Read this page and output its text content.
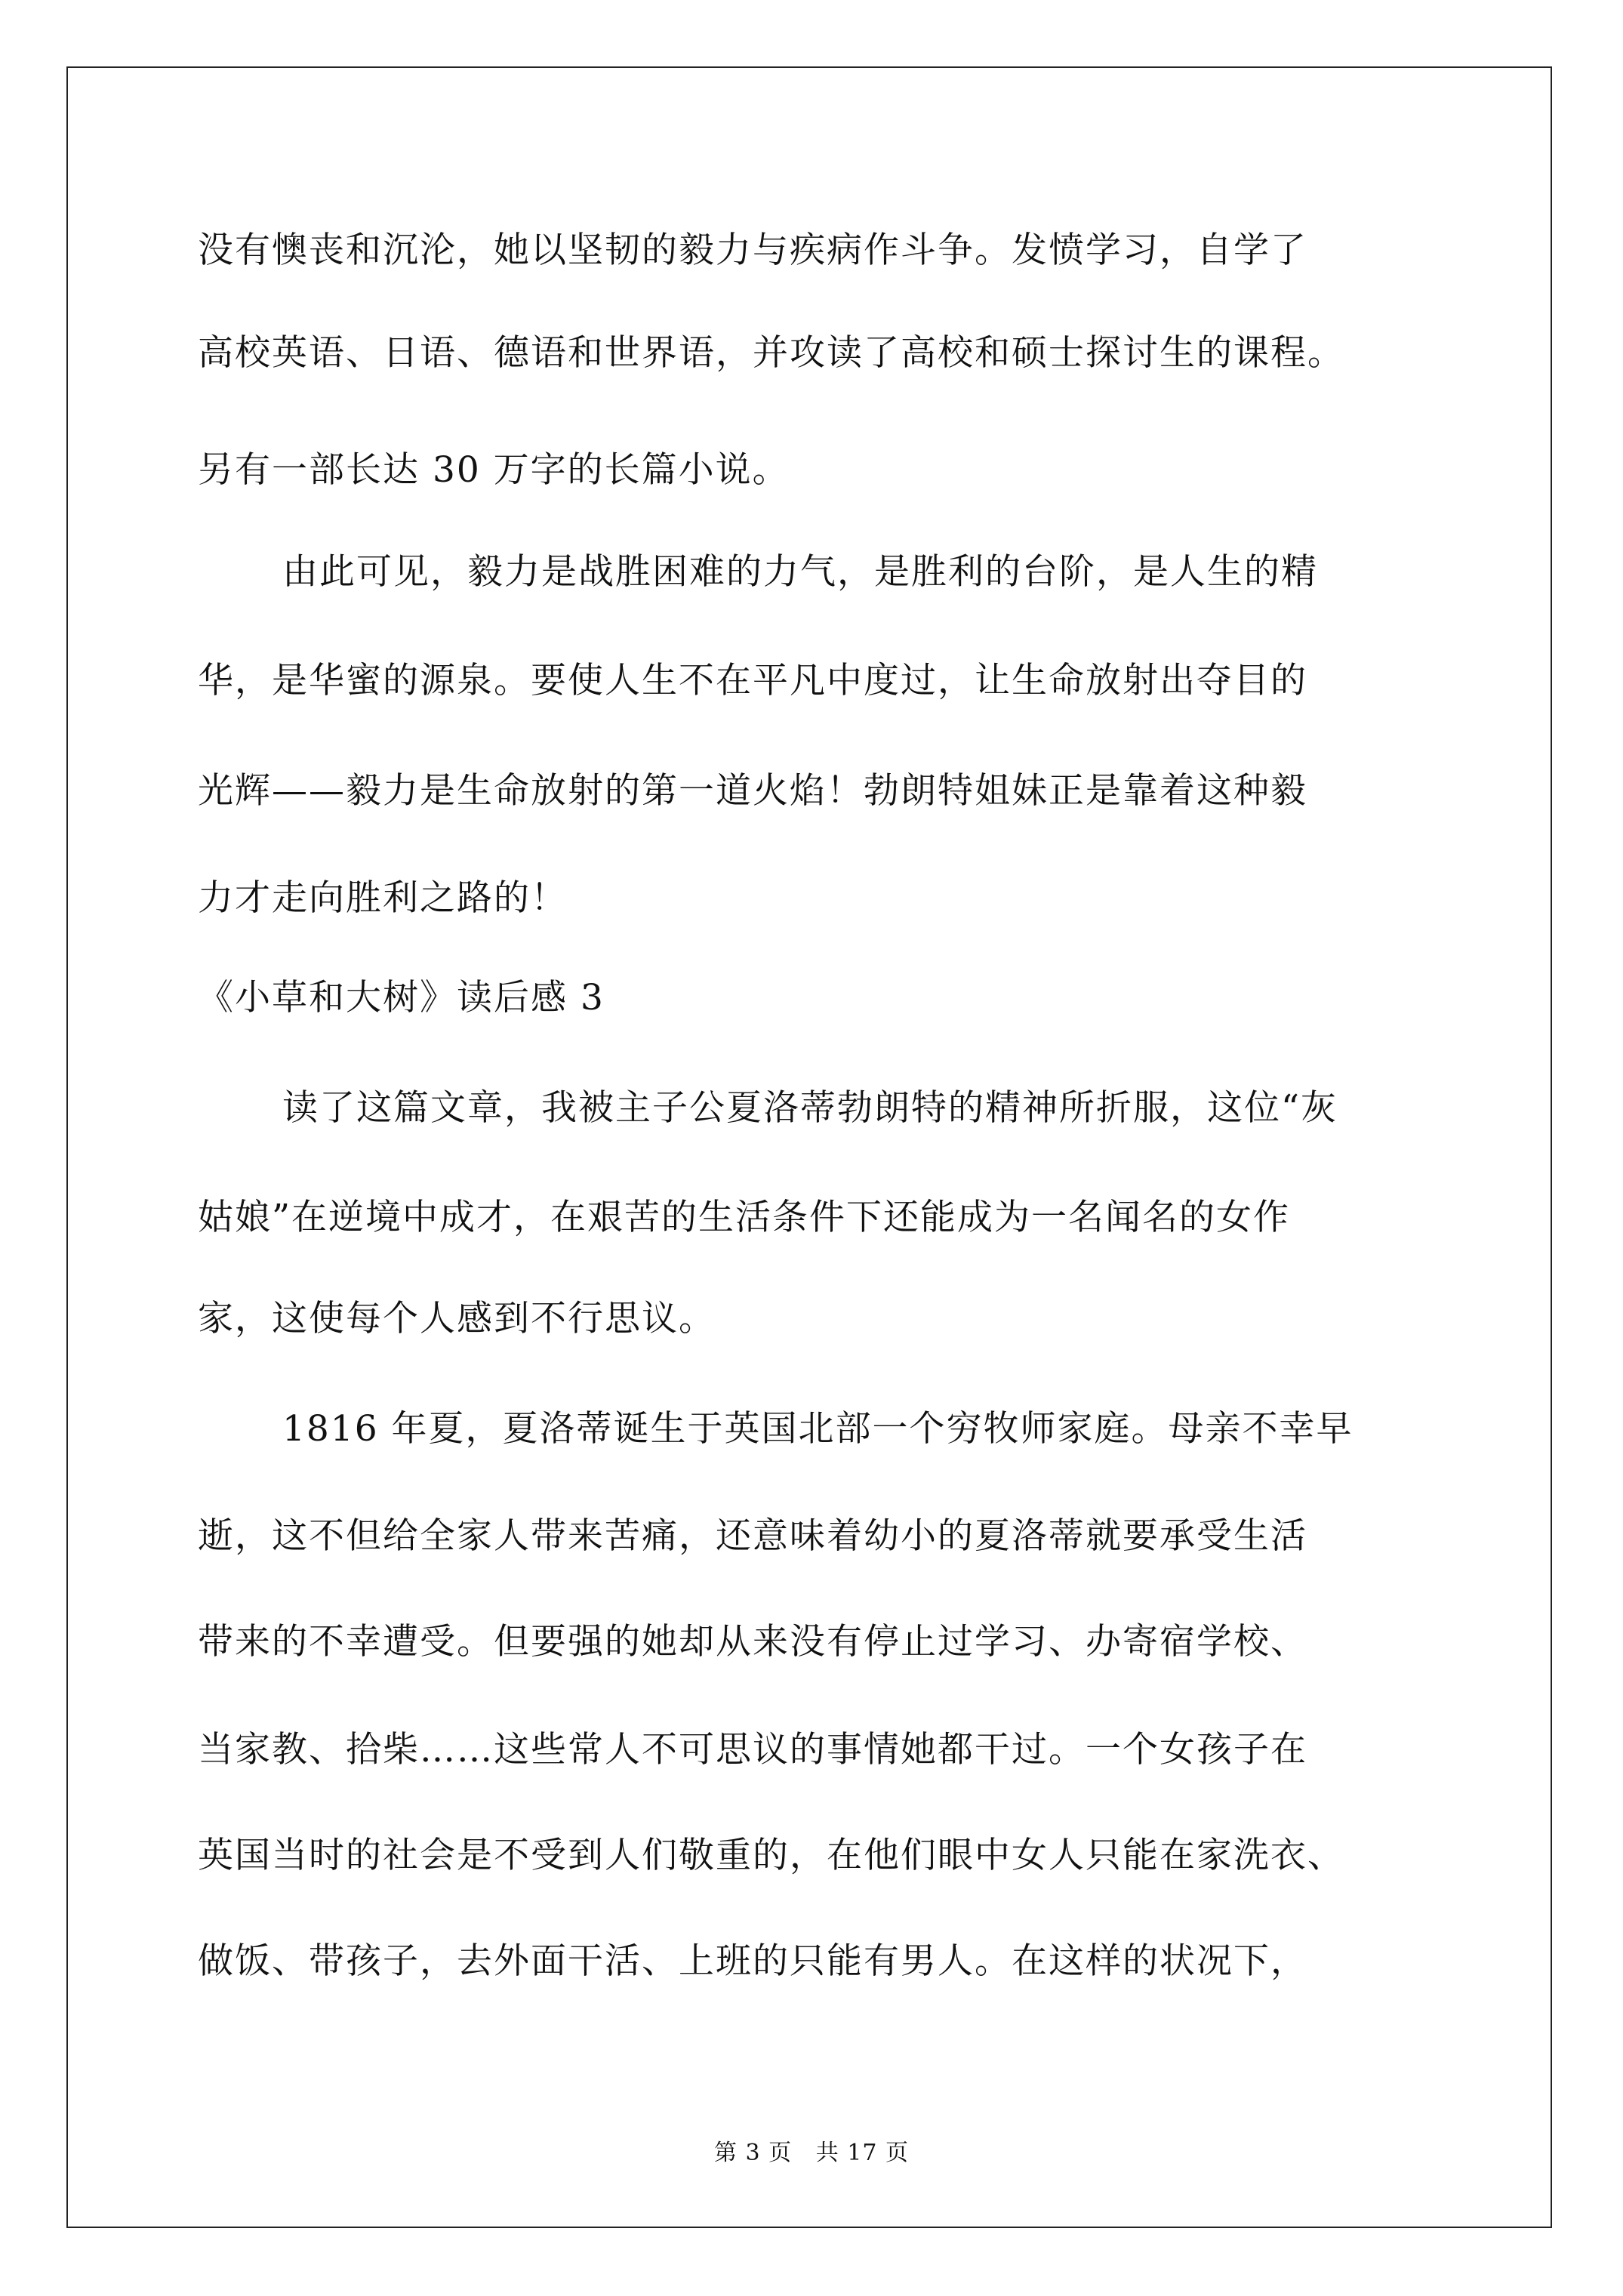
没有懊丧和沉沦，她以坚韧的毅力与疾病作斗争。发愤学习，自学了
高校英语、日语、德语和世界语，并攻读了高校和硕士探讨生的课程。
另有一部长达 30 万字的长篇小说。
由此可见，毅力是战胜困难的力气，是胜利的台阶，是人生的精
华，是华蜜的源泉。要使人生不在平凡中度过，让生命放射出夺目的
光辉——毅力是生命放射的第一道火焰！勃朗特姐妹正是靠着这种毅
力才走向胜利之路的！
《小草和大树》读后感 3
读了这篇文章，我被主子公夏洛蒂勃朗特的精神所折服，这位“灰
姑娘”在逆境中成才，在艰苦的生活条件下还能成为一名闻名的女作
家，这使每个人感到不行思议。
1816 年夏，夏洛蒂诞生于英国北部一个穷牧师家庭。母亲不幸早
逝，这不但给全家人带来苦痛，还意味着幼小的夏洛蒂就要承受生活
带来的不幸遭受。但要强的她却从来没有停止过学习、办寄宿学校、
当家教、拾柴……这些常人不可思议的事情她都干过。一个女孩子在
英国当时的社会是不受到人们敬重的，在他们眼中女人只能在家洗衣、
做饭、带孩子，去外面干活、上班的只能有男人。在这样的状况下，
第 3 页   共 17 页
